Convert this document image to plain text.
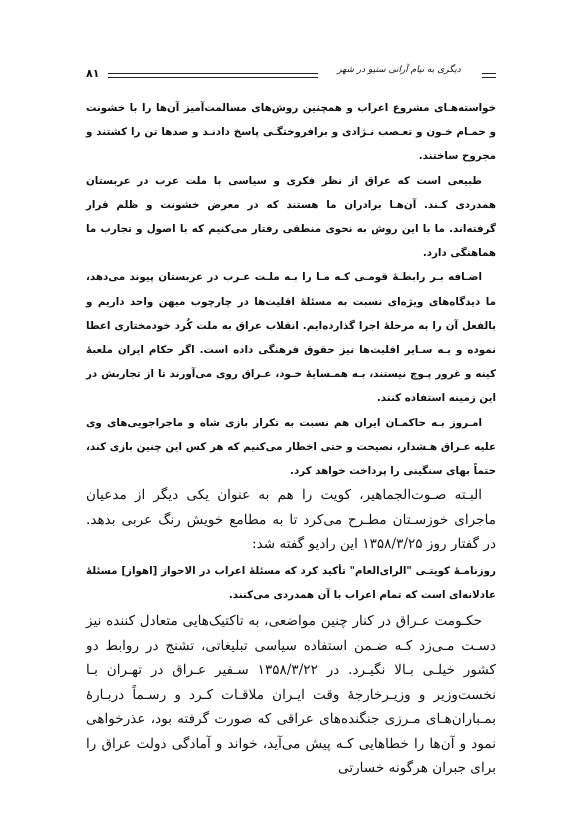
۸۱	دیگری به نیام آرانی ستیو در شهر

خواسته‌هـای مشروع اعراب و همچنین روش‌های مسالمت‌آمیز آن‌ها را با خشونت و حمـام خـون و تعـصب نـژادی و برافروختگـی پاسخ دادنـد و صدها تن را کشتند و مجروح ساختند.

طبیعی است که عراق از نظر فکری و سیاسی با ملت عرب در عربستان همدردی کـند. آن‌هـا برادران ما هستند که در معرض خشونت و ظلم قرار گرفته‌اند. ما با این روش به نحوی منطقی رفتار می‌کنیم که با اصول و تجارب ما هماهنگی دارد.

اضـافه بـر رابطـهٔ قومـی کـه مـا را بـه ملـت عـرب در عربستان پیوند می‌دهد، ما دیدگاه‌های ویژه‌ای نسبت به مسئلهٔ اقلیت‌ها در چارچوب میهن واحد داریم و بالفعل آن را به مرحلهٔ اجرا گذارده‌ایم. انقلاب عراق به ملت کُرد خودمختاری اعطا نموده و بـه سـایر اقلیت‌ها نیز حقوق فرهنگی داده است. اگر حکام ایران ملعبهٔ کینه و غرور پـوچ نیستند، بـه همـسایهٔ خـود، عـراق روی می‌آورند تا از تجاربش در این زمینه استفاده کنند.

امـروز بـه حاکمـان ایران هم نسبت به تکرار بازی شاه و ماجراجویی‌های وی علیه عـراق هـشدار، نصیحت و حتی اخطار می‌کنیم که هر کس این چنین بازی کند، حتماً بهای سنگینی را پرداخت خواهد کرد.

البـته صـوت‌الجماهیر، کویت را هم به عنوان یکی دیگر از مدعیان ماجرای خوزسـتان مطـرح می‌کرد تا به مطامع خویش رنگ عربی بدهد. در گفتار روز ۱۳۵۸/۳/۲۵ این رادیو گفته شد:

روزنامـهٔ کویتـی "الرای‌العام" تأکید کرد که مسئلهٔ اعراب در الاحواز [اهواز] مسئلهٔ عادلانه‌ای است که تمام اعراب با آن همدردی می‌کنند.

حکـومت عـراق در کنار چنین مواضعی، به تاکتیک‌هایی متعادل کننده نیز دسـت مـی‌زد کـه ضـمن استفاده سیاسی تبلیغاتی، تشنج در روابط دو کشور خیلـی بـالا نگیـرد. در ۱۳۵۸/۳/۲۲ سـفیر عـراق در تهـران بـا نخست‌وزیر و وزیـرخارجهٔ وقت ایـران ملاقـات کـرد و رسـماً دربـارهٔ بمـباران‌هـای مـرزی جنگنده‌های عراقی که صورت گرفته بود، عذرخواهی نمود و آن‌ها را خطاهایی کـه پیش می‌آید، خواند و آمادگی دولت عراق را برای جبران هرگونه خسارتی
